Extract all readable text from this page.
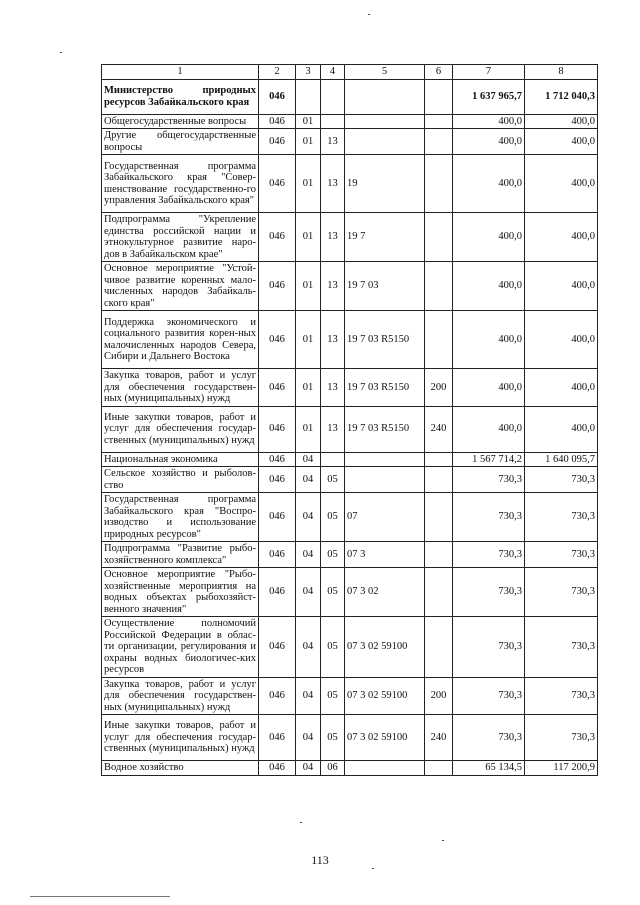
1	2	3	4	5	6	7	8
Министерство природных ресурсов Забайкальского края	046					1 637 965,7	1 712 040,3
Общегосударственные вопросы	046	01				400,0	400,0
Другие общегосударственные вопросы	046	01	13			400,0	400,0
Государственная программа Забайкальского края "Совер-шенствование государственно-го управления Забайкальского края"	046	01	13	19		400,0	400,0
Подпрограмма "Укрепление единства российской нации и этнокультурное развитие наро-дов в Забайкальском крае"	046	01	13	19 7		400,0	400,0
Основное мероприятие "Устой-чивое развитие коренных мало-численных народов Забайкаль-ского края"	046	01	13	19 7 03		400,0	400,0
Поддержка экономического и социального развития корен-ных малочисленных народов Севера, Сибири и Дальнего Востока	046	01	13	19 7 03 R5150		400,0	400,0
Закупка товаров, работ и услуг для обеспечения государствен-ных (муниципальных) нужд	046	01	13	19 7 03 R5150	200	400,0	400,0
Иные закупки товаров, работ и услуг для обеспечения государ-ственных (муниципальных) нужд	046	01	13	19 7 03 R5150	240	400,0	400,0
Национальная экономика	046	04				1 567 714,2	1 640 095,7
Сельское хозяйство и рыболов-ство	046	04	05			730,3	730,3
Государственная программа Забайкальского края "Воспро-изводство и использование природных ресурсов"	046	04	05	07		730,3	730,3
Подпрограмма "Развитие рыбо-хозяйственного комплекса"	046	04	05	07 3		730,3	730,3
Основное мероприятие "Рыбо-хозяйственные мероприятия на водных объектах рыбохозяйст-венного значения"	046	04	05	07 3 02		730,3	730,3
Осуществление полномочий Российской Федерации в облас-ти организации, регулирования и охраны водных биологичес-ких ресурсов	046	04	05	07 3 02 59100		730,3	730,3
Закупка товаров, работ и услуг для обеспечения государствен-ных (муниципальных) нужд	046	04	05	07 3 02 59100	200	730,3	730,3
Иные закупки товаров, работ и услуг для обеспечения государ-ственных (муниципальных) нужд	046	04	05	07 3 02 59100	240	730,3	730,3
Водное хозяйство	046	04	06			65 134,5	117 200,9
113
